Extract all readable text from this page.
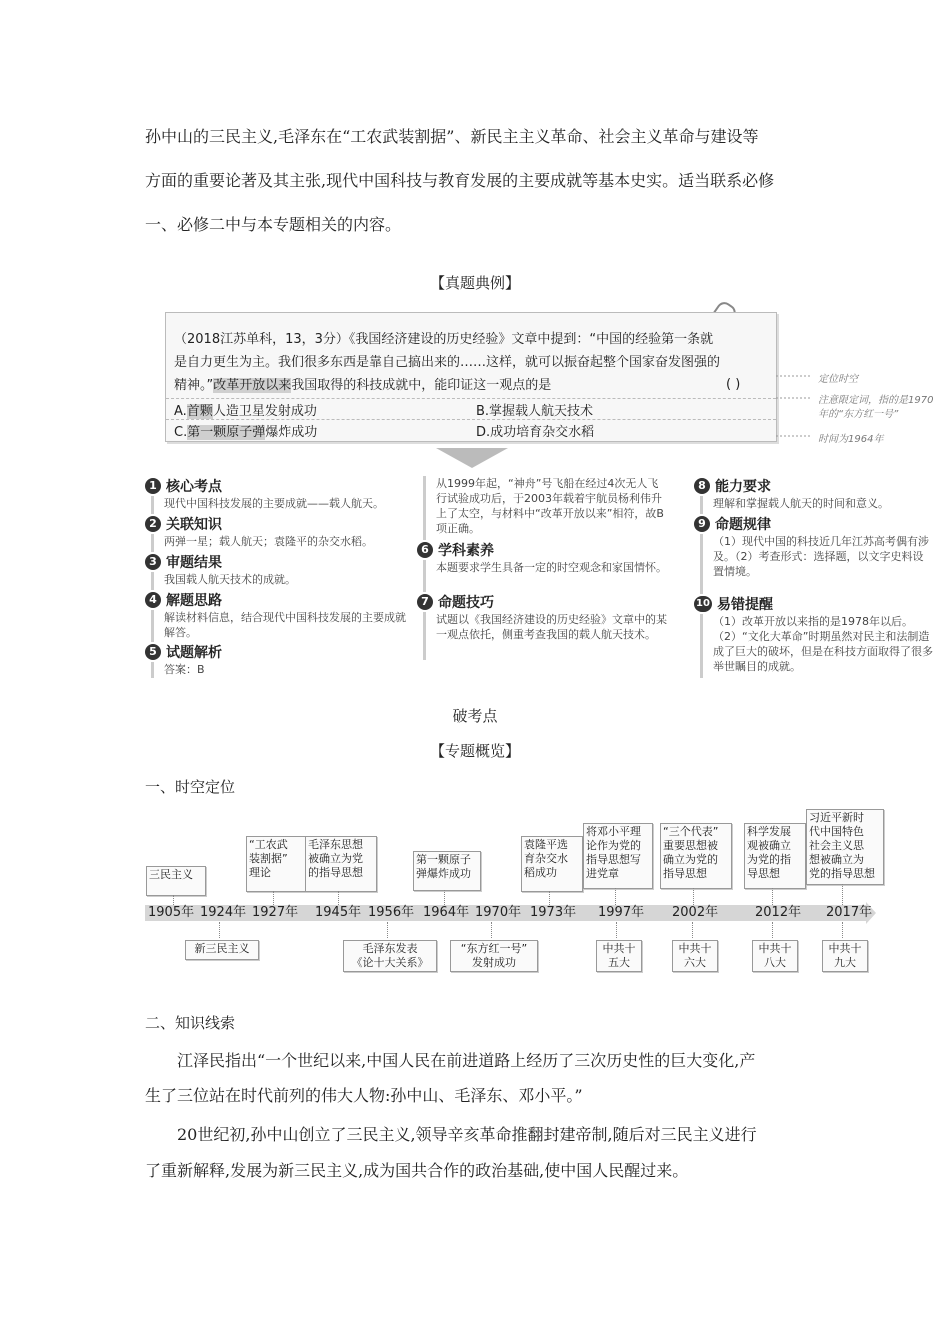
孙中山的三民主义,毛泽东在“工农武装割据”、新民主主义革命、社会主义革命与建设等
方面的重要论著及其主张,现代中国科技与教育发展的主要成就等基本史实。适当联系必修
一、必修二中与本专题相关的内容。
【真题典例】
（2018江苏单科，13，3分）《我国经济建设的历史经验》文章中提到：“中国的经验第一条就
是自力更生为主。我们很多东西是靠自己搞出来的……这样，就可以振奋起整个国家奋发图强的
精神。”改革开放以来我国取得的科技成就中，能印证这一观点的是	( )
A.首颗人造卫星发射成功	B.掌握载人航天技术
C.第一颗原子弹爆炸成功	D.成功培育杂交水稻
定位时空
注意限定词，指的是1970
年的“东方红一号”
时间为1964年
1 核心考点
现代中国科技发展的主要成就——载人航天。
2 关联知识
两弹一星；载人航天；袁隆平的杂交水稻。
3 审题结果
我国载人航天技术的成就。
4 解题思路
解读材料信息，结合现代中国科技发展的主要成就解答。
5 试题解析
答案：B
从1999年起，“神舟”号飞船在经过4次无人飞行试验成功后，于2003年载着宇航员杨利伟升上了太空，与材料中“改革开放以来”相符，故B项正确。
6 学科素养
本题要求学生具备一定的时空观念和家国情怀。
7 命题技巧
试题以《我国经济建设的历史经验》文章中的某一观点依托，侧重考查我国的载人航天技术。
8 能力要求
理解和掌握载人航天的时间和意义。
9 命题规律
（1）现代中国的科技近几年江苏高考偶有涉及。（2）考查形式：选择题，以文字史料设置情境。
10 易错提醒
（1）改革开放以来指的是1978年以后。（2）“文化大革命”时期虽然对民主和法制造成了巨大的破坏，但是在科技方面取得了很多举世瞩目的成就。
破考点
【专题概览】
一、时空定位
1905年 1924年 1927年 1945年 1956年 1964年 1970年 1973年 1997年 2002年	2012年 2017年
三民主义
“工农武
装割据”
理论
毛泽东思想
被确立为党
的指导思想
第一颗原子
弹爆炸成功
袁隆平选
育杂交水
稻成功
将邓小平理
论作为党的
指导思想写
进党章
“三个代表”
重要思想被
确立为党的
指导思想
科学发展
观被确立
为党的指
导思想
习近平新时
代中国特色
社会主义思
想被确立为
党的指导思想
新三民主义	毛泽东发表
《论十大关系》
“东方红一号”
发射成功
中共十
五大
中共十
六大
中共十
八大
中共十
九大
二、知识线索
江泽民指出“一个世纪以来,中国人民在前进道路上经历了三次历史性的巨大变化,产
生了三位站在时代前列的伟大人物:孙中山、毛泽东、邓小平。”
20世纪初,孙中山创立了三民主义,领导辛亥革命推翻封建帝制,随后对三民主义进行
了重新解释,发展为新三民主义,成为国共合作的政治基础,使中国人民醒过来。
